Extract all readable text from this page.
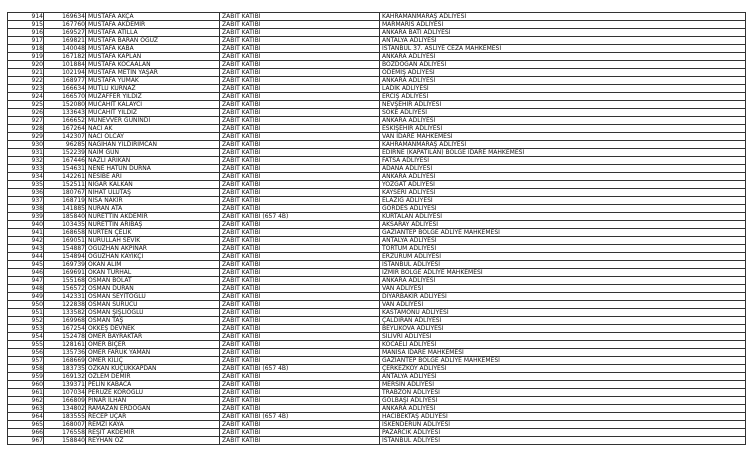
914	169634	MUSTAFA AKÇA	ZABIT KATİBİ	KAHRAMANMARAŞ ADLİYESİ
915	167760	MUSTAFA AKDEMİR	ZABIT KATİBİ	MARMARİS ADLİYESİ
916	169527	MUSTAFA ATİLLA	ZABIT KATİBİ	ANKARA BATI ADLİYESİ
917	169821	MUSTAFA BARAN OĞUZ	ZABIT KATİBİ	ANTALYA ADLİYESİ
918	140048	MUSTAFA KABA	ZABIT KATİBİ	İSTANBUL 37. ASLİYE CEZA MAHKEMESİ
919	167182	MUSTAFA KAPLAN	ZABIT KATİBİ	ANKARA ADLİYESİ
920	101884	MUSTAFA KOCAALAN	ZABIT KATİBİ	BOZDOĞAN ADLİYESİ
921	102194	MUSTAFA METİN YAŞAR	ZABIT KATİBİ	ÖDEMİŞ ADLİYESİ
922	168977	MUSTAFA YUMAK	ZABIT KATİBİ	ANKARA ADLİYESİ
923	166634	MUTLU KURNAZ	ZABIT KATİBİ	LADİK ADLİYESİ
924	166570	MUZAFFER YILDIZ	ZABIT KATİBİ	ERCİŞ ADLİYESİ
925	152080	MÜCAHİT KALAYCI	ZABIT KATİBİ	NEVŞEHİR ADLİYESİ
926	133643	MÜCAHİT YILDIZ	ZABIT KATİBİ	SÖKE ADLİYESİ
927	166652	MÜNEVVER GÜNİNDİ	ZABIT KATİBİ	ANKARA ADLİYESİ
928	167264	NACİ AK	ZABIT KATİBİ	ESKİŞEHİR ADLİYESİ
929	142307	NACİ OLCAY	ZABIT KATİBİ	VAN İDARE MAHKEMESİ
930	96285	NAĞİHAN YILDIRIMCAN	ZABIT KATİBİ	KAHRAMANMARAŞ ADLİYESİ
931	152239	NAİM GÜN	ZABIT KATİBİ	EDİRNE (KAPATILAN) BÖLGE İDARE MAHKEMESİ
932	167446	NAZLI ARIKAN	ZABIT KATİBİ	FATSA ADLİYESİ
933	154631	NENE HATUN DURNA	ZABIT KATİBİ	ADANA ADLİYESİ
934	142261	NESİBE ARI	ZABIT KATİBİ	ANKARA ADLİYESİ
935	152511	NİGAR KALKAN	ZABIT KATİBİ	YOZGAT ADLİYESİ
936	180767	NİHAT ULUTAŞ	ZABIT KATİBİ	KAYSERİ ADLİYESİ
937	168719	NİSA NAKİR	ZABIT KATİBİ	ELAZIĞ ADLİYESİ
938	141885	NURAN ATA	ZABIT KATİBİ	GÖRDES ADLİYESİ
939	185840	NURETTİN AKDEMİR	ZABIT KATİBİ (657 4B)	KURTALAN ADLİYESİ
940	103435	NURETTİN ARIBAŞ	ZABIT KATİBİ	AKSARAY ADLİYESİ
941	168658	NURTEN ÇELİK	ZABIT KATİBİ	GAZİANTEP BÖLGE ADLİYE MAHKEMESİ
942	169051	NURULLAH SEVİK	ZABIT KATİBİ	ANTALYA ADLİYESİ
943	154887	OĞUZHAN AKPINAR	ZABIT KATİBİ	TORTUM ADLİYESİ
944	154894	OĞUZHAN KAYIKÇI	ZABIT KATİBİ	ERZURUM ADLİYESİ
945	169739	OKAN ALIM	ZABIT KATİBİ	İSTANBUL ADLİYESİ
946	169691	OKAN TURHAL	ZABIT KATİBİ	İZMİR BÖLGE ADLİYE MAHKEMESİ
947	155168	OSMAN BOLAT	ZABIT KATİBİ	ANKARA ADLİYESİ
948	156572	OSMAN DURAN	ZABIT KATİBİ	VAN ADLİYESİ
949	142331	OSMAN SEYİTOĞLU	ZABIT KATİBİ	DİYARBAKIR ADLİYESİ
950	122838	OSMAN SÜRÜCÜ	ZABIT KATİBİ	VAN ADLİYESİ
951	133582	OSMAN ŞİŞLİOĞLU	ZABIT KATİBİ	KASTAMONU ADLİYESİ
952	169968	OSMAN TAŞ	ZABIT KATİBİ	ÇALDIRAN ADLİYESİ
953	167254	ÖKKEŞ DEVNEK	ZABIT KATİBİ	BEYLİKOVA ADLİYESİ
954	152478	ÖMER BAYRAKTAR	ZABIT KATİBİ	SİLİVRİ ADLİYESİ
955	128161	ÖMER BİÇER	ZABIT KATİBİ	KOCAELİ ADLİYESİ
956	135736	ÖMER FARUK YAMAN	ZABIT KATİBİ	MANİSA İDARE MAHKEMESİ
957	168669	ÖMER KILIÇ	ZABIT KATİBİ	GAZİANTEP BÖLGE ADLİYE MAHKEMESİ
958	183735	ÖZKAN KÜÇÜKKAPDAN	ZABIT KATİBİ (657 4B)	ÇERKEZKÖY ADLİYESİ
959	169132	ÖZLEM DEMİR	ZABIT KATİBİ	ANTALYA ADLİYESİ
960	139371	PELİN KABACA	ZABIT KATİBİ	MERSİN ADLİYESİ
961	107034	PERUZE KÖROĞLU	ZABIT KATİBİ	TRABZON ADLİYESİ
962	166809	PINAR İLHAN	ZABIT KATİBİ	GÖLBAŞI ADLİYESİ
963	134802	RAMAZAN ERDOĞAN	ZABIT KATİBİ	ANKARA ADLİYESİ
964	183555	RECEP UÇAR	ZABIT KATİBİ (657 4B)	HACIBEKTAŞ ADLİYESİ
965	168007	REMZİ KAYA	ZABIT KATİBİ	İSKENDERUN ADLİYESİ
966	176558	REŞİT AKDEMİR	ZABIT KATİBİ	PAZARCIK ADLİYESİ
967	158840	REYHAN ÖZ	ZABIT KATİBİ	İSTANBUL ADLİYESİ
